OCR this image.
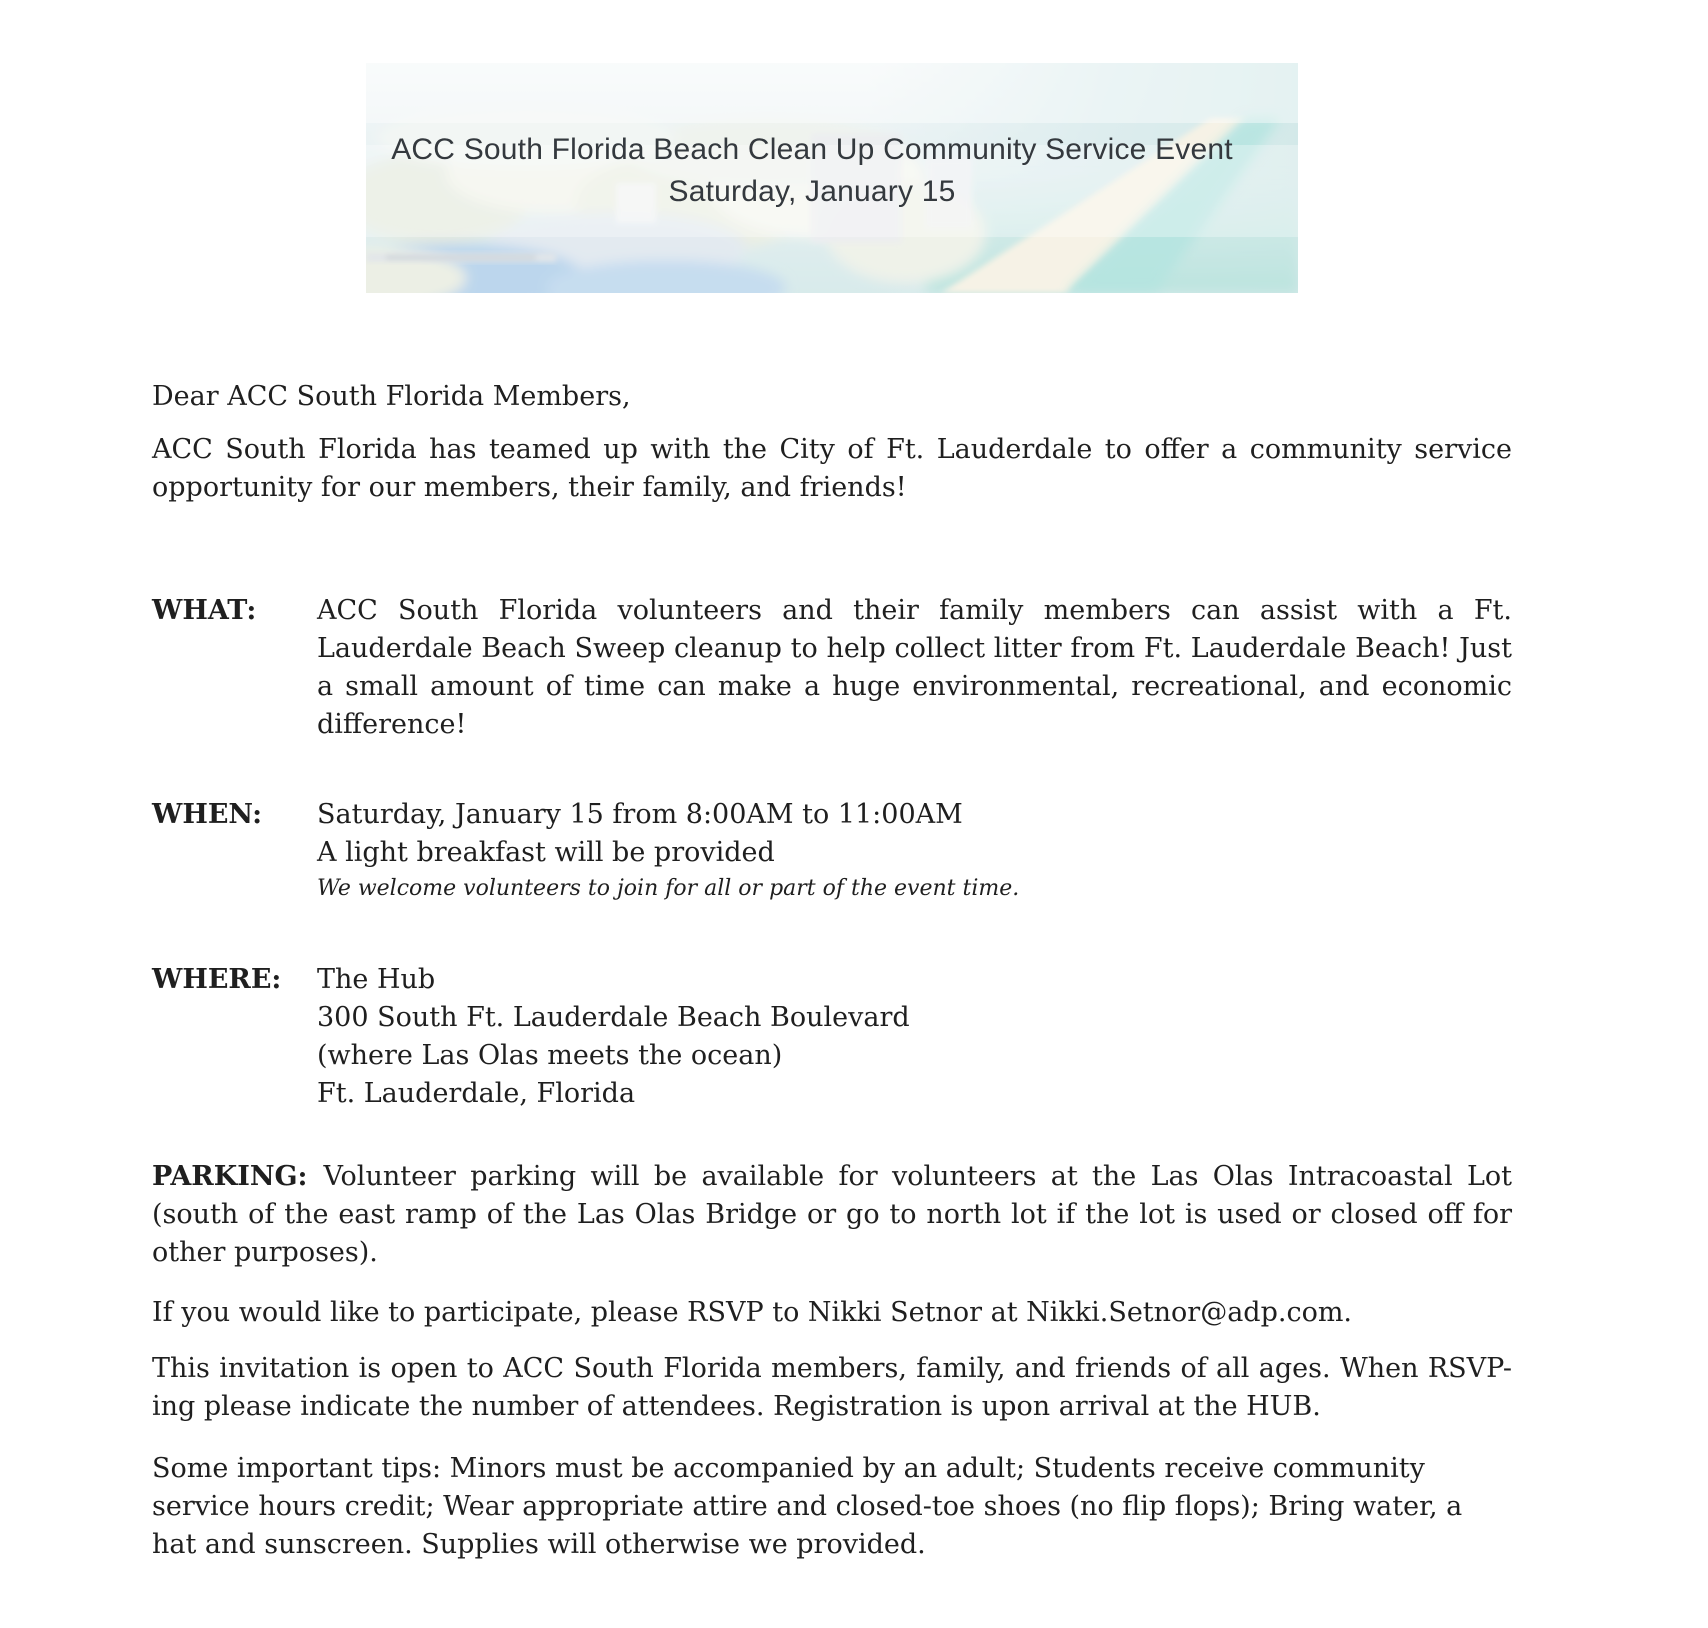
ACC South Florida Beach Clean Up Community Service Event
Saturday, January 15

Dear ACC South Florida Members,

ACC South Florida has teamed up with the City of Ft. Lauderdale to offer a community service opportunity for our members, their family, and friends!

WHAT:	ACC South Florida volunteers and their family members can assist with a Ft. Lauderdale Beach Sweep cleanup to help collect litter from Ft. Lauderdale Beach! Just a small amount of time can make a huge environmental, recreational, and economic difference!
WHEN:	Saturday, January 15 from 8:00AM to 11:00AM
A light breakfast will be provided
We welcome volunteers to join for all or part of the event time.
WHERE:	The Hub
300 South Ft. Lauderdale Beach Boulevard
(where Las Olas meets the ocean)
Ft. Lauderdale, Florida

PARKING: Volunteer parking will be available for volunteers at the Las Olas Intracoastal Lot (south of the east ramp of the Las Olas Bridge or go to north lot if the lot is used or closed off for other purposes).

If you would like to participate, please RSVP to Nikki Setnor at Nikki.Setnor@adp.com.

This invitation is open to ACC South Florida members, family, and friends of all ages. When RSVP-ing please indicate the number of attendees. Registration is upon arrival at the HUB.

Some important tips: Minors must be accompanied by an adult; Students receive community service hours credit; Wear appropriate attire and closed-toe shoes (no flip flops); Bring water, a hat and sunscreen. Supplies will otherwise we provided.
